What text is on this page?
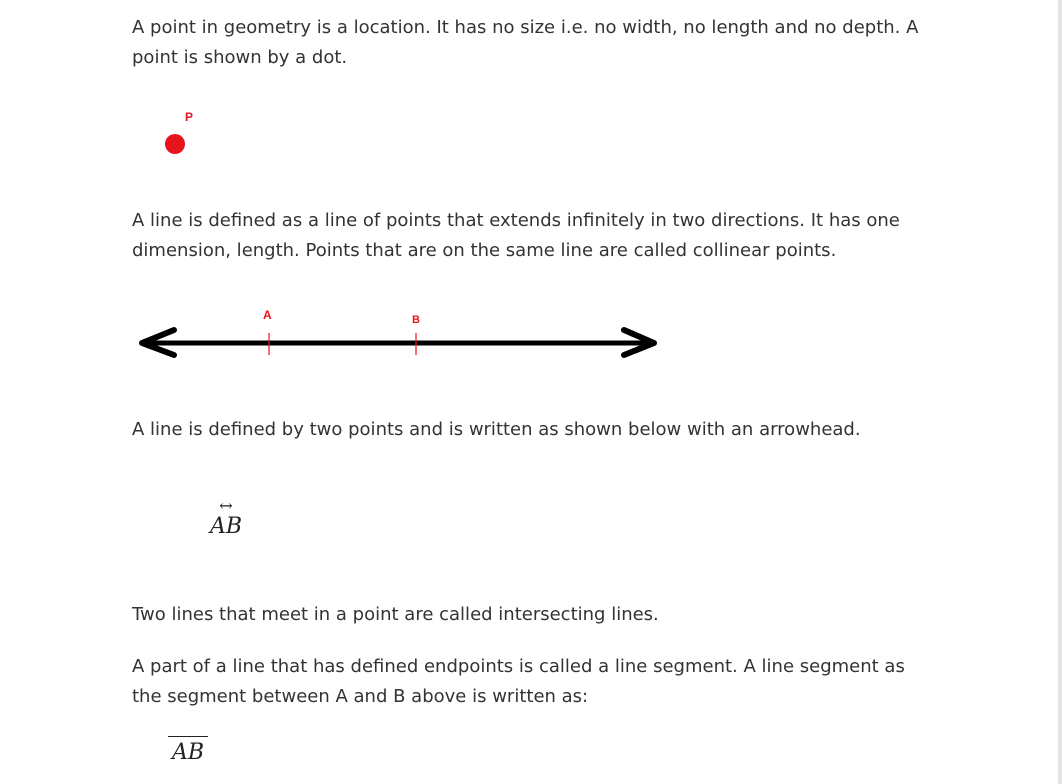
A point in geometry is a location. It has no size i.e. no width, no length and no depth. A point is shown by a dot.

P

A line is defined as a line of points that extends infinitely in two directions. It has one dimension, length. Points that are on the same line are called collinear points.

A	B

A line is defined by two points and is written as shown below with an arrowhead.

↔
AB

Two lines that meet in a point are called intersecting lines.

A part of a line that has defined endpoints is called a line segment. A line segment as the segment between A and B above is written as:

AB
